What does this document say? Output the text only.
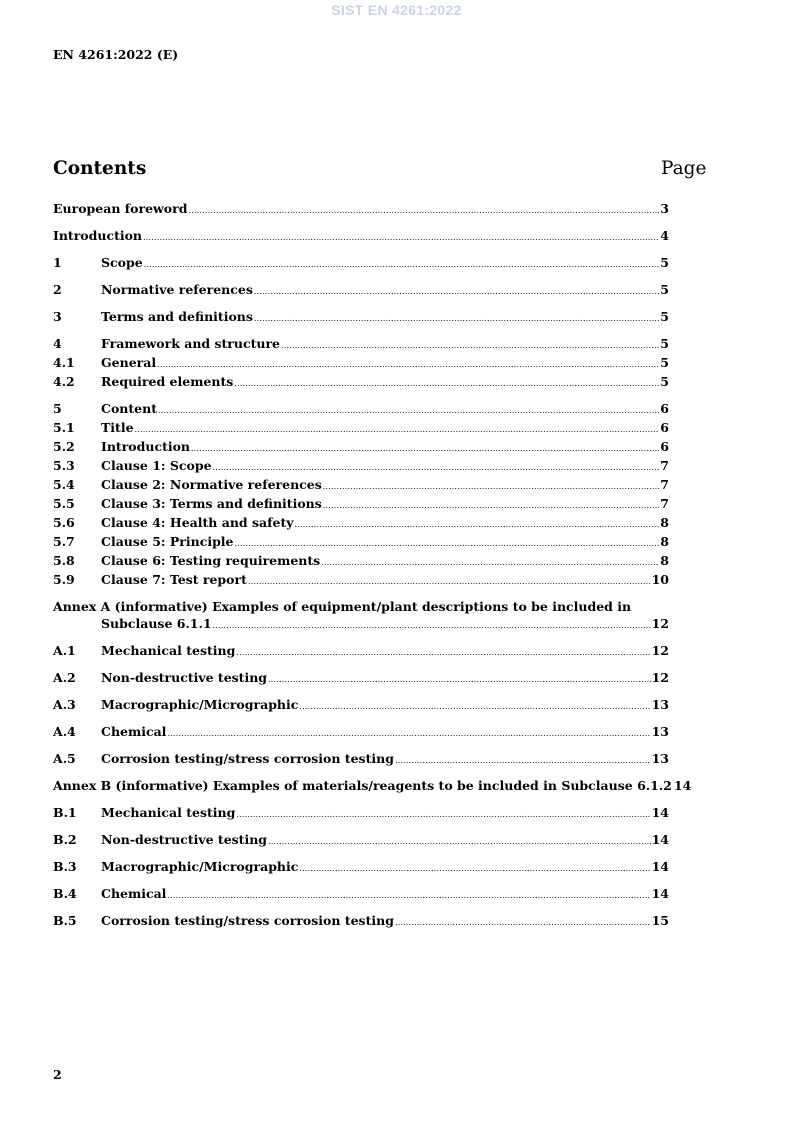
SIST EN 4261:2022
EN 4261:2022 (E)
Contents	Page
European foreword .....	3
Introduction .....	4
1	Scope .....	5
2	Normative references .....	5
3	Terms and definitions .....	5
4	Framework and structure .....	5
4.1	General .....	5
4.2	Required elements .....	5
5	Content .....	6
5.1	Title .....	6
5.2	Introduction .....	6
5.3	Clause 1: Scope .....	7
5.4	Clause 2: Normative references .....	7
5.5	Clause 3: Terms and definitions .....	7
5.6	Clause 4: Health and safety .....	8
5.7	Clause 5: Principle .....	8
5.8	Clause 6: Testing requirements .....	8
5.9	Clause 7: Test report .....	10
Annex A (informative) Examples of equipment/plant descriptions to be included in
Subclause 6.1.1 .....	12
A.1	Mechanical testing .....	12
A.2	Non-destructive testing .....	12
A.3	Macrographic/Micrographic .....	13
A.4	Chemical .....	13
A.5	Corrosion testing/stress corrosion testing .....	13
Annex B (informative) Examples of materials/reagents to be included in Subclause 6.1.2 14
B.1	Mechanical testing .....	14
B.2	Non-destructive testing .....	14
B.3	Macrographic/Micrographic .....	14
B.4	Chemical .....	14
B.5	Corrosion testing/stress corrosion testing .....	15
2
